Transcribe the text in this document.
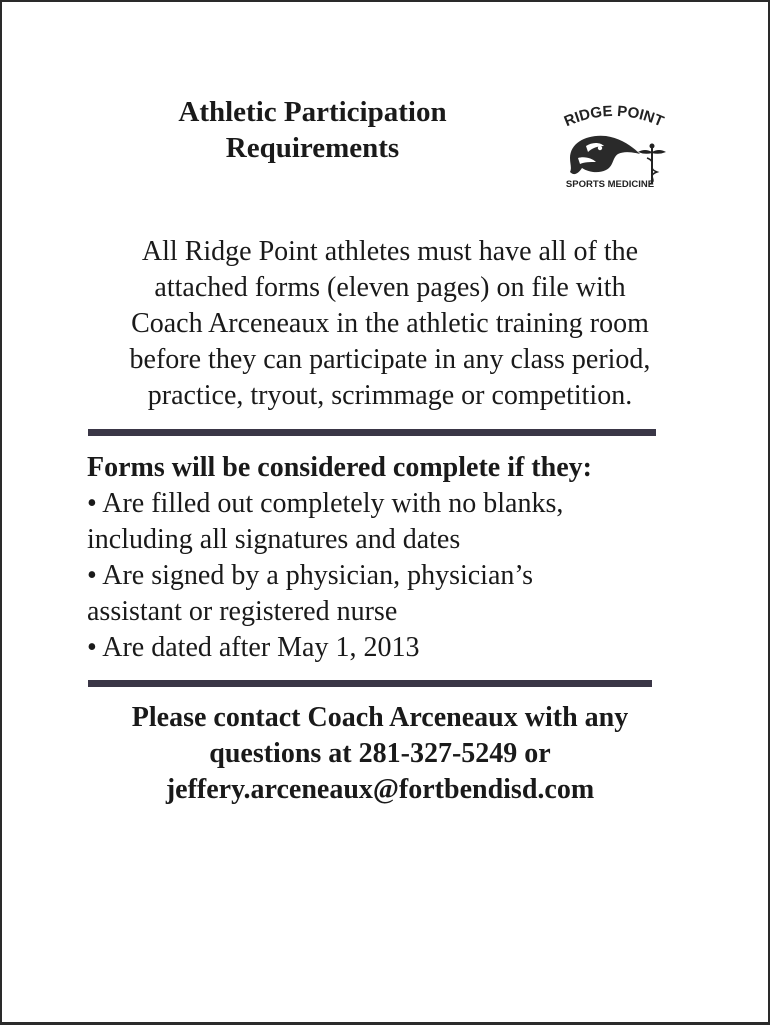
Athletic Participation
Requirements
RIDGE POINT
SPORTS MEDICINE
All Ridge Point athletes must have all of the
attached forms (eleven pages) on file with
Coach Arceneaux in the athletic training room
before they can participate in any class period,
practice, tryout, scrimmage or competition.
Forms will be considered complete if they:
• Are filled out completely with no blanks,
including all signatures and dates
• Are signed by a physician, physician’s
assistant or registered nurse
• Are dated after May 1, 2013
Please contact Coach Arceneaux with any
questions at 281-327-5249 or
jeffery.arceneaux@fortbendisd.com
